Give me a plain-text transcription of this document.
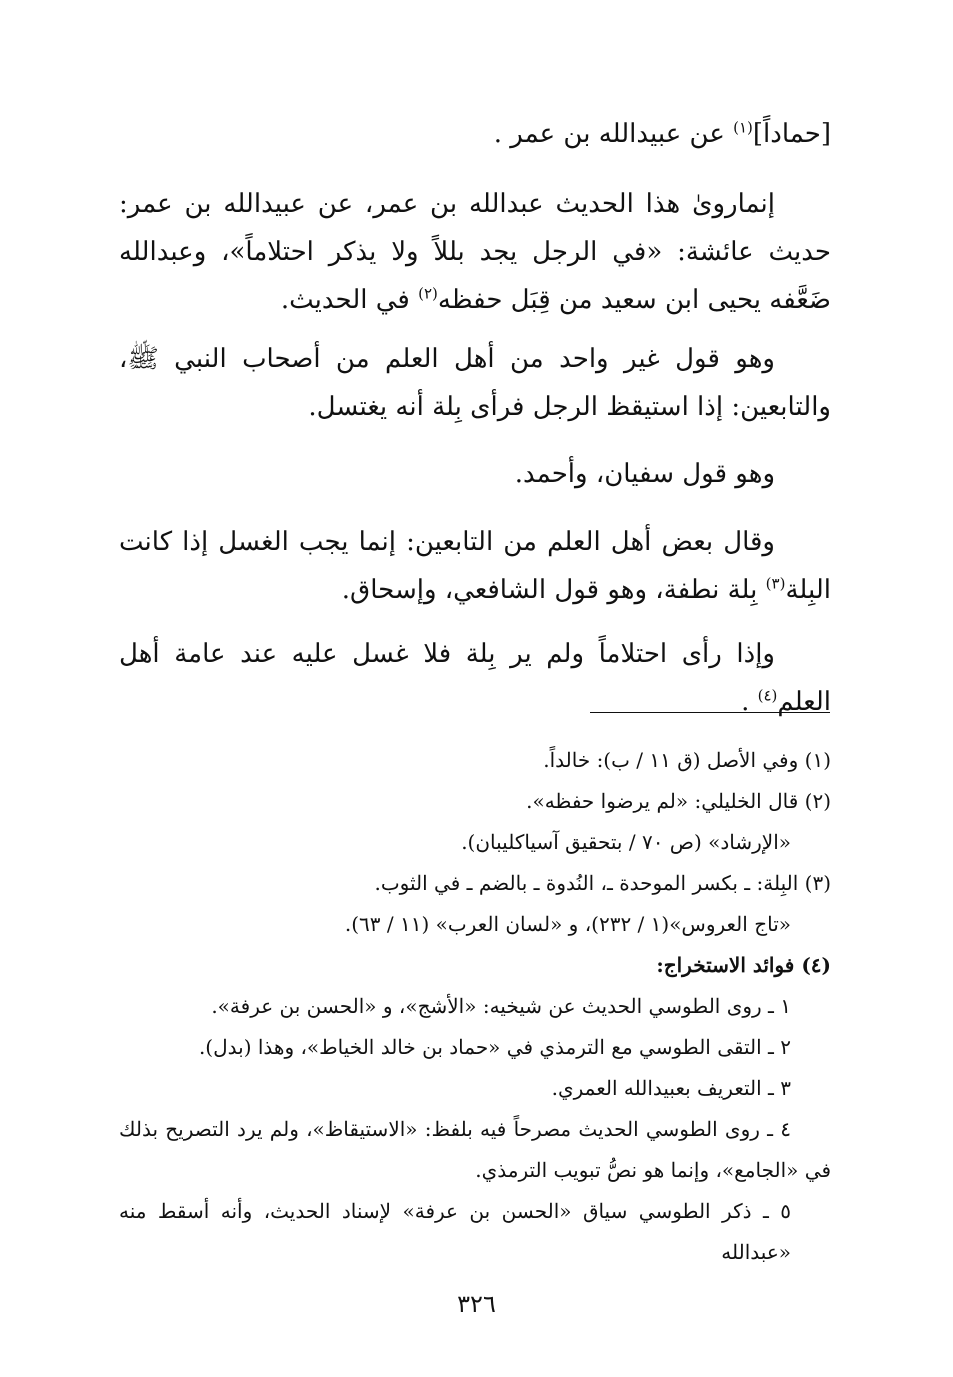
[حماداً]$^{(١)}$ عن عبيدالله بن عمر .

إنماروىٰ هذا الحديث عبدالله بن عمر، عن عبيدالله بن عمر: حديث عائشة: «في الرجل يجد بللاً ولا يذكر احتلاماً»، وعبدالله ضَعَّفه يحيى ابن سعيد من قِبَل حفظه$^{(٢)}$ في الحديث.

وهو قول غير واحد من أهل العلم من أصحاب النبي ﷺ، والتابعين: إذا استيقظ الرجل فرأى بِلة أنه يغتسل.

وهو قول سفيان، وأحمد.

وقال بعض أهل العلم من التابعين: إنما يجب الغسل إذا كانت البِلة$^{(٣)}$ بِلة نطفة، وهو قول الشافعي، وإسحاق.

وإذا رأى احتلاماً ولم ير بِلة فلا غسل عليه عند عامة أهل العلم$^{(٤)}$ .

(١) وفي الأصل (ق ١١ / ب): خالداً.

(٢) قال الخليلي: «لم يرضوا حفظه».

«الإرشاد» (ص ٧٠ / بتحقيق آسياكليبان).

(٣) البِلة: ـ بكسر الموحدة ـ، النُدوة ـ بالضم ـ في الثوب.

«تاج العروس»(١ / ٢٣٢)، و «لسان العرب» (١١ / ٦٣).

(٤) فوائد الاستخراج:

١ ـ روى الطوسي الحديث عن شيخيه: «الأشج»، و «الحسن بن عرفة».

٢ ـ التقى الطوسي مع الترمذي في «حماد بن خالد الخياط»، وهذا (بدل).

٣ ـ التعريف بعبيدالله العمري.

٤ ـ روى الطوسي الحديث مصرحاً فيه بلفظ: «الاستيقاظ»، ولم يرد التصريح بذلك

في «الجامع»، وإنما هو نصُّ تبويب الترمذي.

٥ ـ ذكر الطوسي سياق «الحسن بن عرفة» لإسناد الحديث، وأنه أسقط منه «عبدالله

٣٢٦
